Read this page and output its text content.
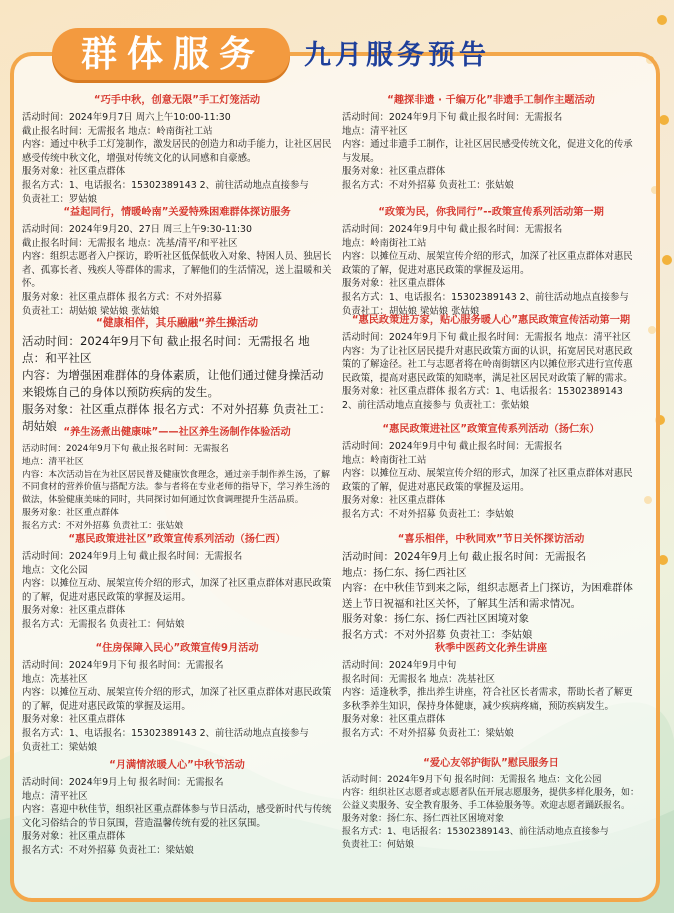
群体服务	九月服务预告
“巧手中秋，创意无限”手工灯笼活动

活动时间：2024年9月7日 周六上午10:00-11:30

截止报名时间：无需报名 地点：岭南街社工站

内容：通过中秋手工灯笼制作，激发居民的创造力和动手能力，让社区居民感受传统中秋文化，增强对传统文化的认同感和自豪感。

服务对象：社区重点群体

报名方式：1、电话报名：15302389143 2、前往活动地点直接参与

负责社工：罗姑娘

“益起同行，情暖岭南”关爱特殊困难群体探访服务

活动时间：2024年9月20、27日 周三上午9:30-11:30

截止报名时间：无需报名 地点：冼基/清平/和平社区

内容：组织志愿者入户探访，聆听社区低保低收入对象、特困人员、独居长者、孤寡长者、残疾人等群体的需求，了解他们的生活情况，送上温暖和关怀。

服务对象：社区重点群体 报名方式：不对外招募

负责社工：胡姑娘 梁姑娘 张姑娘

“健康相伴，其乐融融“养生操活动

活动时间：2024年9月下旬 截止报名时间：无需报名 地点：和平社区

内容：为增强困难群体的身体素质，让他们通过健身操活动来锻炼自己的身体以预防疾病的发生。

服务对象：社区重点群体 报名方式：不对外招募 负责社工：胡姑娘 “养生汤煮出健康味”——社区养生汤制作体验活动

活动时间：2024年9月下旬 截止报名时间：无需报名

地点：清平社区

内容：本次活动旨在为社区居民普及健康饮食理念，通过亲手制作养生汤，了解不同食材的营养价值与搭配方法。参与者将在专业老师的指导下，学习养生汤的做法，体验健康美味的同时，共同探讨如何通过饮食调理提升生活品质。

服务对象：社区重点群体

报名方式：不对外招募 负责社工：张姑娘

“惠民政策进社区”政策宣传系列活动（扬仁西）

活动时间：2024年9月上旬 截止报名时间：无需报名

地点：文化公园

内容：以摊位互动、展架宣传介绍的形式，加深了社区重点群体对惠民政策的了解，促进对惠民政策的掌握及运用。

服务对象：社区重点群体

报名方式：无需报名 负责社工：何姑娘

“住房保障入民心”政策宣传9月活动

活动时间：2024年9月下旬 报名时间：无需报名

地点：冼基社区

内容：以摊位互动、展架宣传介绍的形式，加深了社区重点群体对惠民政策的了解，促进对惠民政策的掌握及运用。

服务对象：社区重点群体

报名方式：1、电话报名：15302389143 2、前往活动地点直接参与

负责社工：梁姑娘

“月满情浓暖人心”中秋节活动

活动时间：2024年9月上旬 报名时间：无需报名

地点：清平社区

内容：喜迎中秋佳节，组织社区重点群体参与节日活动，感受新时代与传统文化习俗结合的节日氛围，营造温馨传统有爱的社区氛围。

服务对象：社区重点群体

报名方式：不对外招募 负责社工：梁姑娘

“趣探非遗 · 千编万化”非遗手工制作主题活动

活动时间：2024年9月下旬 截止报名时间：无需报名

地点：清平社区

内容：通过非遗手工制作，让社区居民感受传统文化，促进文化的传承与发展。

服务对象：社区重点群体

报名方式：不对外招募 负责社工：张姑娘

“政策为民，你我同行”--政策宣传系列活动第一期

活动时间：2024年9月中旬 截止报名时间：无需报名

地点：岭南街社工站

内容：以摊位互动、展架宣传介绍的形式，加深了社区重点群体对惠民政策的了解，促进对惠民政策的掌握及运用。

服务对象：社区重点群体

报名方式：1、电话报名：15302389143 2、前往活动地点直接参与

负责社工：胡姑娘 梁姑娘 张姑娘

“惠民政策进万家，贴心服务暖人心”惠民政策宣传活动第一期

活动时间：2024年9月下旬 截止报名时间：无需报名 地点：清平社区

内容：为了让社区居民提升对惠民政策方面的认识，拓宽居民对惠民政策的了解途径。社工与志愿者将在岭南街辖区内以摊位形式进行宣传惠民政策，提高对惠民政策的知晓率，满足社区居民对政策了解的需求。

服务对象：社区重点群体 报名方式：1、电话报名：15302389143

2、前往活动地点直接参与 负责社工：张姑娘

“惠民政策进社区”政策宣传系列活动（扬仁东）

活动时间：2024年9月中旬 截止报名时间：无需报名

地点：岭南街社工站

内容：以摊位互动、展架宣传介绍的形式，加深了社区重点群体对惠民政策的了解，促进对惠民政策的掌握及运用。

服务对象：社区重点群体

报名方式：不对外招募 负责社工：李姑娘

“喜乐相伴，中秋同欢”节日关怀探访活动

活动时间：2024年9月上旬 截止报名时间：无需报名

地点：扬仁东、扬仁西社区

内容：在中秋佳节到来之际，组织志愿者上门探访，为困难群体送上节日祝福和社区关怀，了解其生活和需求情况。

服务对象：扬仁东、扬仁西社区困境对象

报名方式：不对外招募 负责社工：李姑娘

秋季中医药文化养生讲座

活动时间：2024年9月中旬

报名时间：无需报名 地点：冼基社区

内容：适逢秋季，推出养生讲座，符合社区长者需求，帮助长者了解更多秋季养生知识，保持身体健康，减少疾病疼痛，预防疾病发生。

服务对象：社区重点群体

报名方式：不对外招募 负责社工：梁姑娘

“爱心友邻护街队”慰民服务日

活动时间：2024年9月下旬 报名时间：无需报名 地点：文化公园

内容：组织社区志愿者或志愿者队伍开展志愿服务，提供多样化服务，如：公益义卖服务、安全教育服务、手工体验服务等。欢迎志愿者踊跃报名。

服务对象：扬仁东、扬仁西社区困境对象

报名方式：1、电话报名：15302389143、前往活动地点直接参与

负责社工：何姑娘
